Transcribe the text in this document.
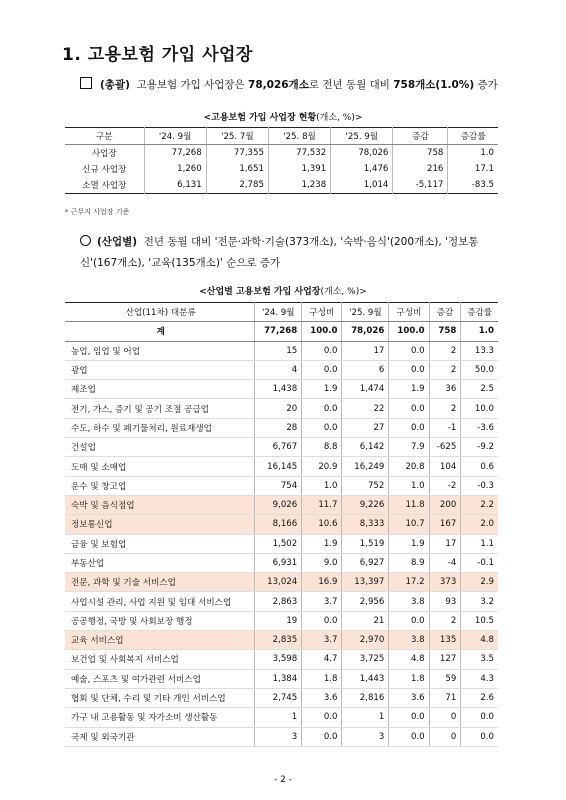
1. 고용보험 가입 사업장
(총괄) 고용보험 가입 사업장은 78,026개소로 전년 동월 대비 758개소(1.0%) 증가
<고용보험 가입 사업장 현황(개소, %)>
구분	'24. 9월	'25. 7월	'25. 8월	'25. 9월	증감	증감률
사업장	77,268	77,355	77,532	78,026	758	1.0
신규 사업장	1,260	1,651	1,391	1,476	216	17.1
소멸 사업장	6,131	2,785	1,238	1,014	-5,117	-83.5
* 근무지 사업장 기준
(산업별) 전년 동월 대비 '전문·과학·기술(373개소), '숙박·음식'(200개소), '정보통신'(167개소), '교육(135개소)' 순으로 증가
<산업별 고용보험 가입 사업장(개소, %)>
산업(11차) 대분류	'24. 9월	구성비	'25. 9월	구성비	증감	증감률
계	77,268	100.0	78,026	100.0	758	1.0
농업, 임업 및 어업	15	0.0	17	0.0	2	13.3
광업	4	0.0	6	0.0	2	50.0
제조업	1,438	1.9	1,474	1.9	36	2.5
전기, 가스, 증기 및 공기 조절 공급업	20	0.0	22	0.0	2	10.0
수도, 하수 및 폐기물처리, 원료재생업	28	0.0	27	0.0	-1	-3.6
건설업	6,767	8.8	6,142	7.9	-625	-9.2
도매 및 소매업	16,145	20.9	16,249	20.8	104	0.6
운수 및 창고업	754	1.0	752	1.0	-2	-0.3
숙박 및 음식점업	9,026	11.7	9,226	11.8	200	2.2
정보통신업	8,166	10.6	8,333	10.7	167	2.0
금융 및 보험업	1,502	1.9	1,519	1.9	17	1.1
부동산업	6,931	9.0	6,927	8.9	-4	-0.1
전문, 과학 및 기술 서비스업	13,024	16.9	13,397	17.2	373	2.9
사업시설 관리, 사업 지원 및 임대 서비스업	2,863	3.7	2,956	3.8	93	3.2
공공행정, 국방 및 사회보장 행정	19	0.0	21	0.0	2	10.5
교육 서비스업	2,835	3.7	2,970	3.8	135	4.8
보건업 및 사회복지 서비스업	3,598	4.7	3,725	4.8	127	3.5
예술, 스포츠 및 여가관련 서비스업	1,384	1.8	1,443	1.8	59	4.3
협회 및 단체, 수리 및 기타 개인 서비스업	2,745	3.6	2,816	3.6	71	2.6
가구 내 고용활동 및 자가소비 생산활동	1	0.0	1	0.0	0	0.0
국제 및 외국기관	3	0.0	3	0.0	0	0.0
- 2 -
